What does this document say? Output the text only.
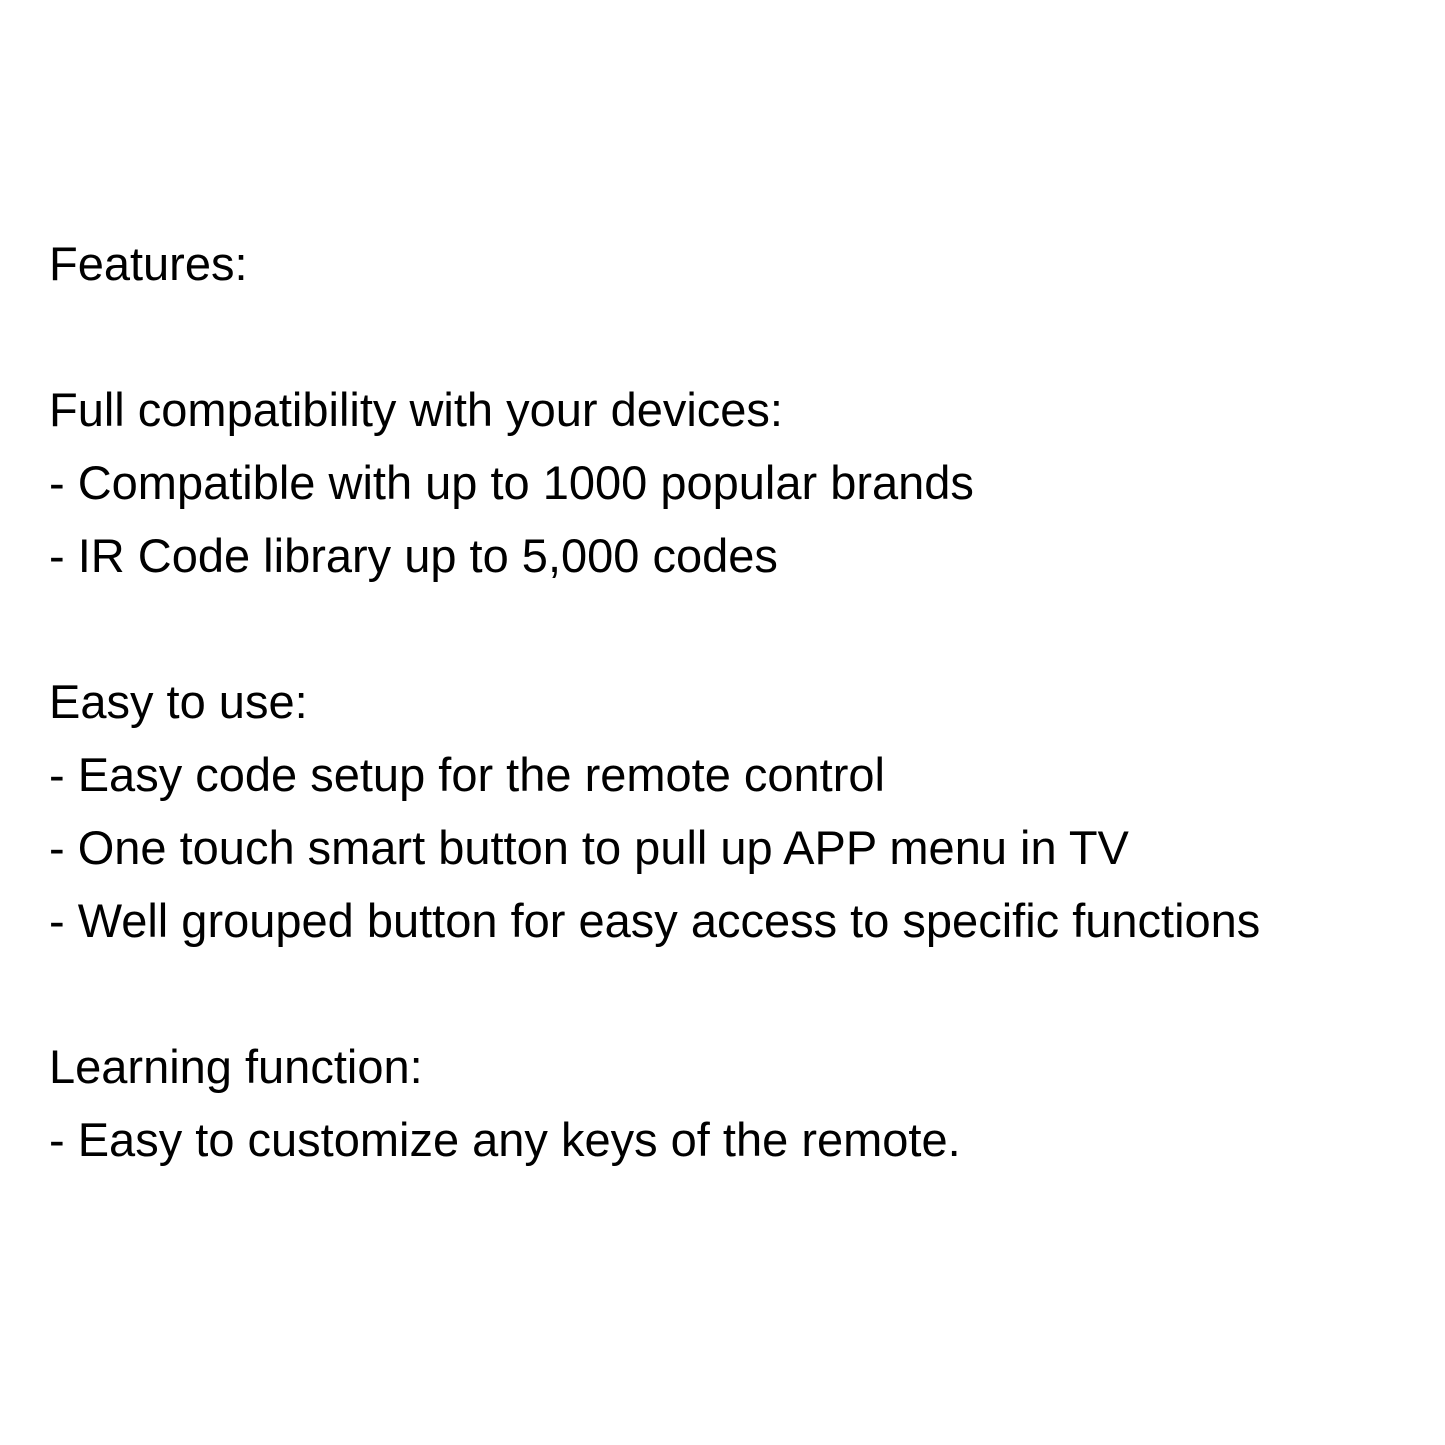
Features:
Full compatibility with your devices:
- Compatible with up to 1000 popular brands
- IR Code library up to 5,000 codes
Easy to use:
- Easy code setup for the remote control
- One touch smart button to pull up APP menu in TV
- Well grouped button for easy access to specific functions
Learning function:
- Easy to customize any keys of the remote.
